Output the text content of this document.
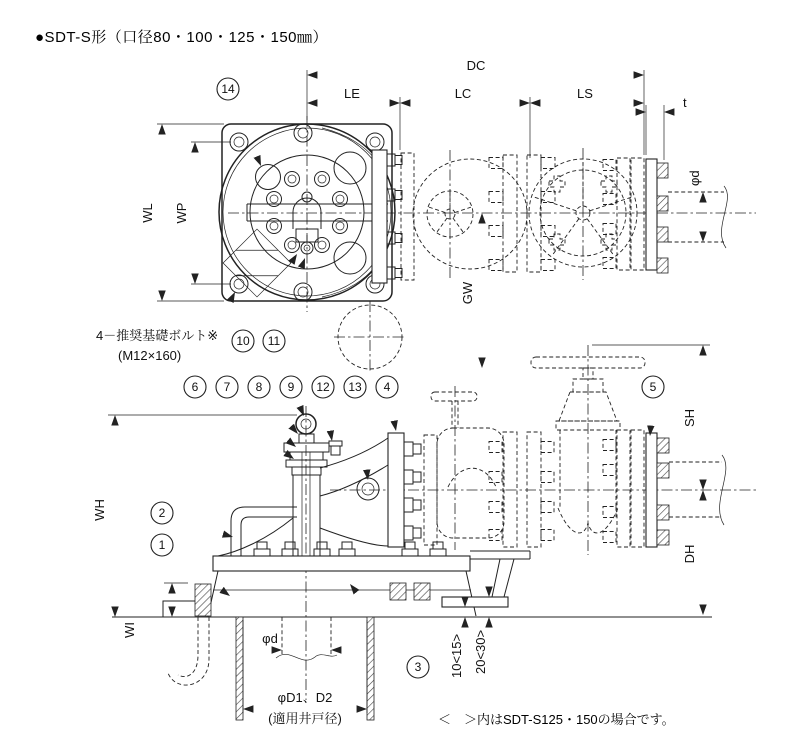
●SDT-S形（口径80・100・125・150㎜）
＜　＞内はSDT-S125・150の場合です。
DC
LE	LC	LS
t
φd
GW
WL WP
4－推奨基礎ボルト※
(M12×160)
WH
WI
SH
DH
φd
φD1、D2
(適用井戸径)
10<15> 20<30>
14
10 11
6 7 8 9 12 13 4	5
2
1
3
